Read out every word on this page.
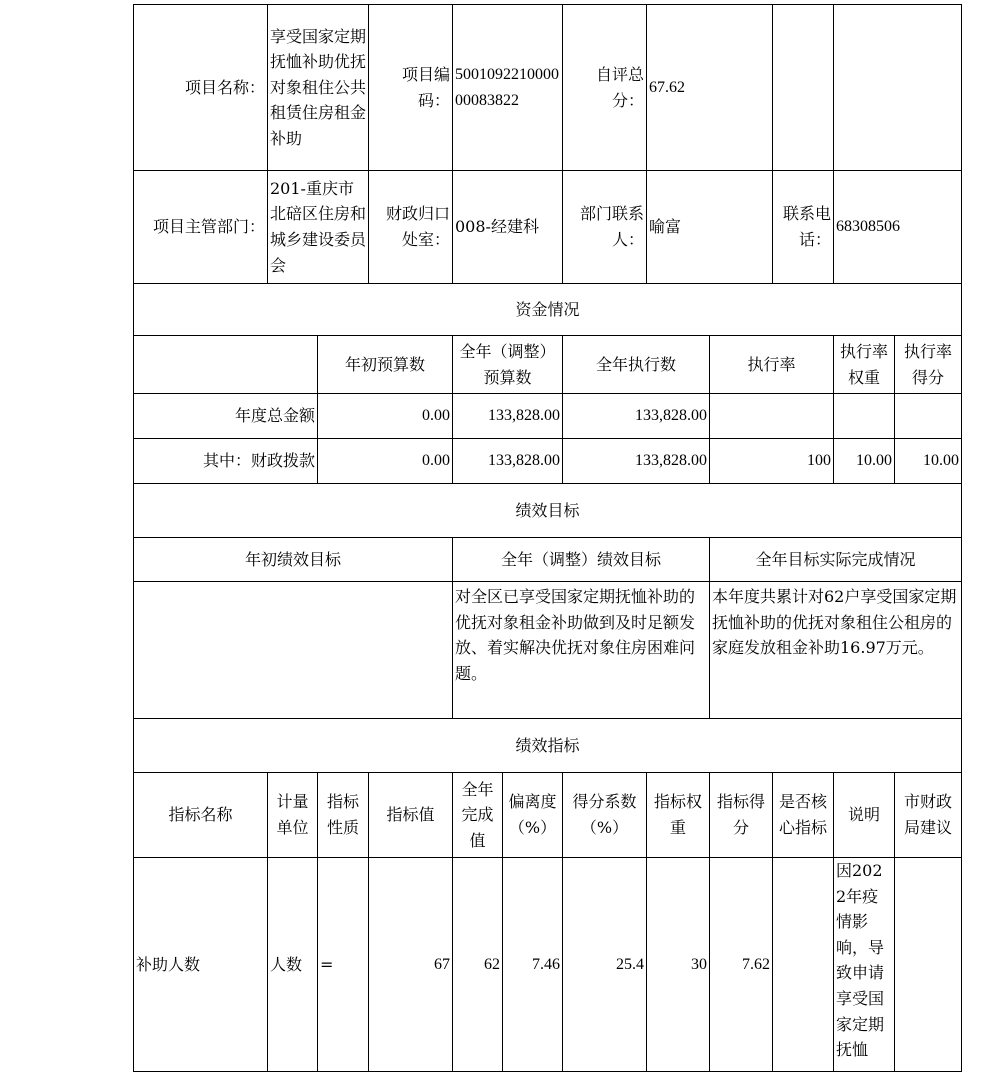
项目名称：	享受国家定期抚恤补助优抚对象租住公共租赁住房租金补助		项目编码：	500109221000000083822		自评总分：	67.62				
项目主管部门：	201-重庆市北碚区住房和城乡建设委员会		财政归口处室：	008-经建科		部门联系人：	喻富		联系电话：	68308506	
资金情况											
		年初预算数		全年（调整）预算数		全年执行数		执行率		执行率权重	执行率得分
年度总金额		0.00		133,828.00		133,828.00					
其中：财政拨款		0.00		133,828.00		133,828.00		100		10.00	10.00
绩效目标											
年初绩效目标				全年（调整）绩效目标				全年目标实际完成情况			
				对全区已享受国家定期抚恤补助的优抚对象租金补助做到及时足额发放、着实解决优抚对象住房困难问题。				本年度共累计对62户享受国家定期抚恤补助的优抚对象租住公租房的家庭发放租金补助16.97万元。			
绩效指标											
指标名称	计量单位	指标性质	指标值	全年完成值	偏离度（%）	得分系数（%）	指标权重	指标得分	是否核心指标	说明	市财政局建议
补助人数	人数	=	67	62	7.46	25.4	30	7.62		因2022年疫情影响，导致申请享受国家定期抚恤	
